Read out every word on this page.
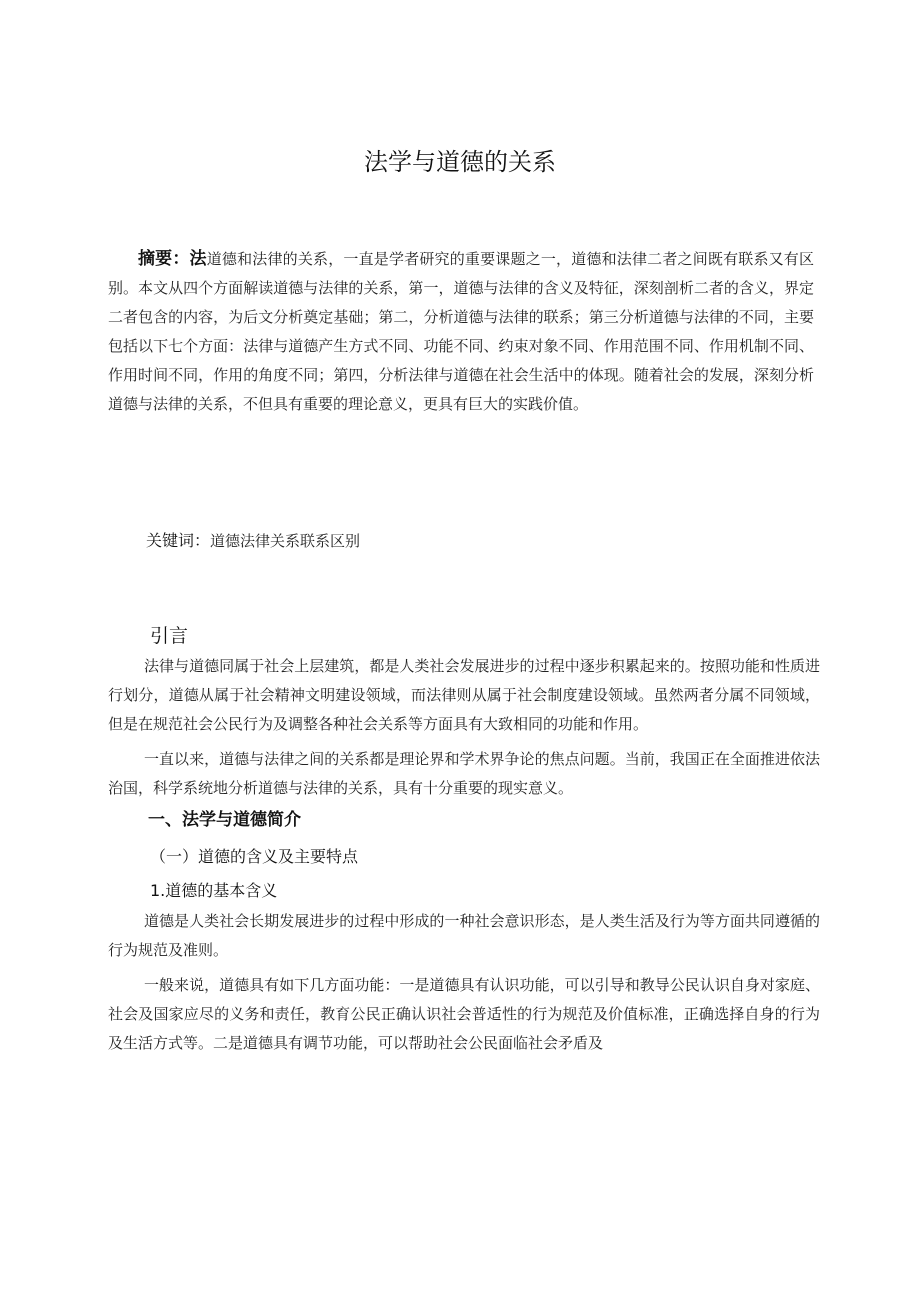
法学与道德的关系

摘要：法道德和法律的关系，一直是学者研究的重要课题之一，道德和法律二者之间既有联系又有区别。本文从四个方面解读道德与法律的关系，第一，道德与法律的含义及特征，深刻剖析二者的含义，界定二者包含的内容，为后文分析奠定基础；第二，分析道德与法律的联系；第三分析道德与法律的不同，主要包括以下七个方面：法律与道德产生方式不同、功能不同、约束对象不同、作用范围不同、作用机制不同、作用时间不同，作用的角度不同；第四，分析法律与道德在社会生活中的体现。随着社会的发展，深刻分析道德与法律的关系，不但具有重要的理论意义，更具有巨大的实践价值。

关键词：道德法律关系联系区别
引言

法律与道德同属于社会上层建筑，都是人类社会发展进步的过程中逐步积累起来的。按照功能和性质进行划分，道德从属于社会精神文明建设领域，而法律则从属于社会制度建设领域。虽然两者分属不同领域，但是在规范社会公民行为及调整各种社会关系等方面具有大致相同的功能和作用。

一直以来，道德与法律之间的关系都是理论界和学术界争论的焦点问题。当前，我国正在全面推进依法治国，科学系统地分析道德与法律的关系，具有十分重要的现实意义。

一、法学与道德简介
（一）道德的含义及主要特点
1.道德的基本含义

道德是人类社会长期发展进步的过程中形成的一种社会意识形态，是人类生活及行为等方面共同遵循的行为规范及准则。

一般来说，道德具有如下几方面功能：一是道德具有认识功能，可以引导和教导公民认识自身对家庭、社会及国家应尽的义务和责任，教育公民正确认识社会普适性的行为规范及价值标准，正确选择自身的行为及生活方式等。二是道德具有调节功能，可以帮助社会公民面临社会矛盾及
